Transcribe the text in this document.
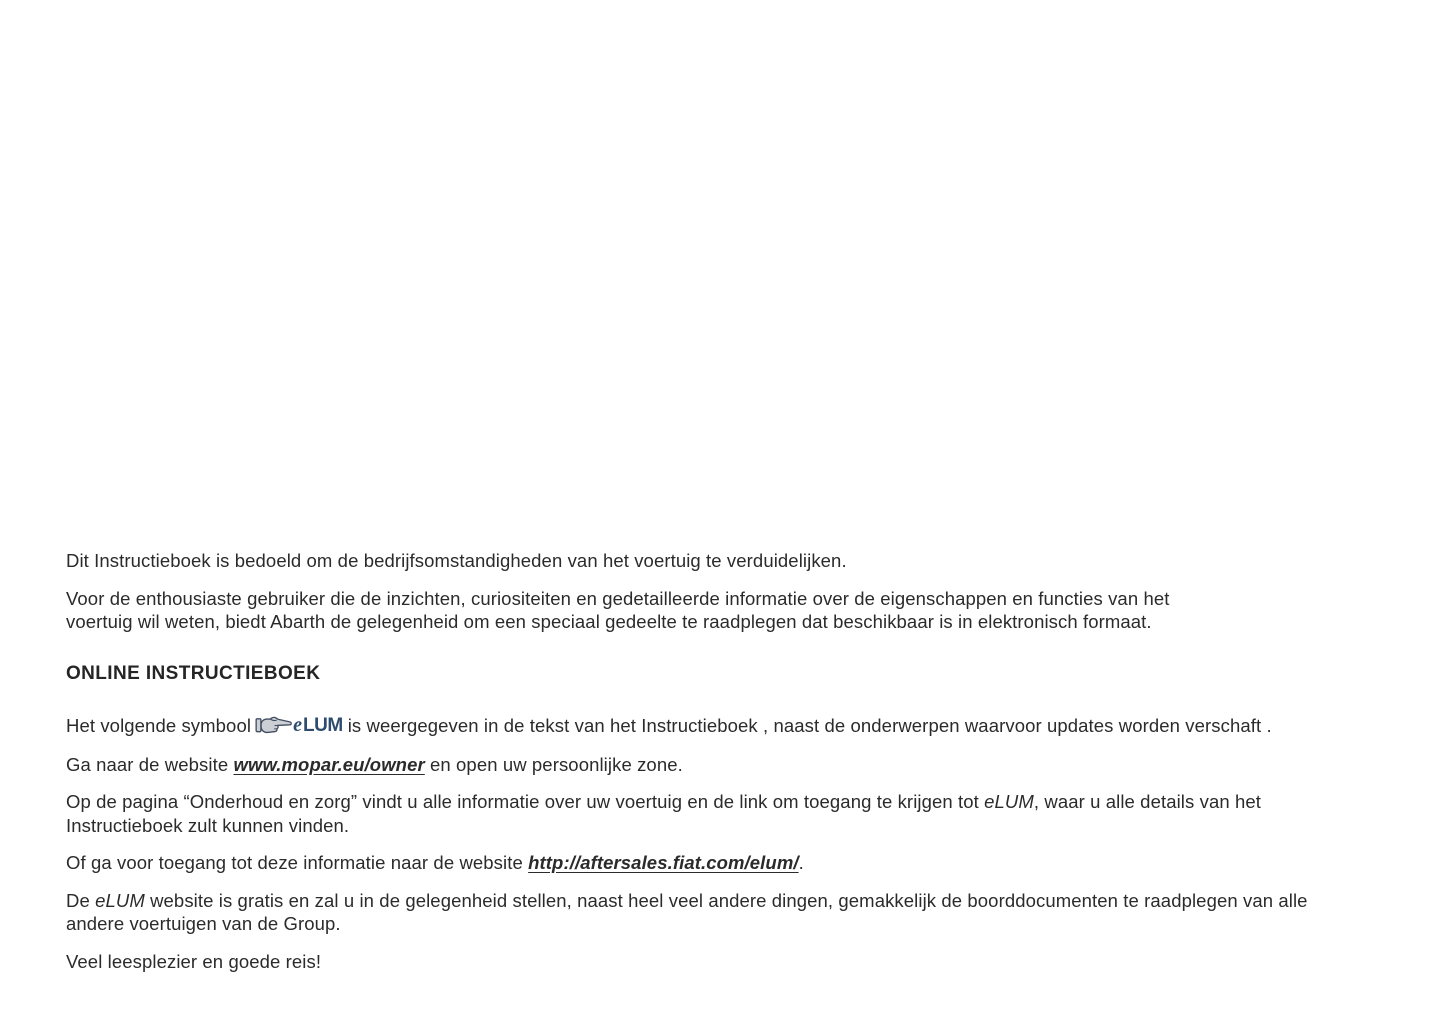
Dit Instructieboek is bedoeld om de bedrijfsomstandigheden van het voertuig te verduidelijken.

Voor de enthousiaste gebruiker die de inzichten, curiositeiten en gedetailleerde informatie over de eigenschappen en functies van het
voertuig wil weten, biedt Abarth de gelegenheid om een speciaal gedeelte te raadplegen dat beschikbaar is in elektronisch formaat.

ONLINE INSTRUCTIEBOEK

Het volgende symbool eLUM is weergegeven in de tekst van het Instructieboek , naast de onderwerpen waarvoor updates worden verschaft .

Ga naar de website www.mopar.eu/owner en open uw persoonlijke zone.

Op de pagina “Onderhoud en zorg” vindt u alle informatie over uw voertuig en de link om toegang te krijgen tot eLUM, waar u alle details van het
Instructieboek zult kunnen vinden.

Of ga voor toegang tot deze informatie naar de website http://aftersales.fiat.com/elum/.

De eLUM website is gratis en zal u in de gelegenheid stellen, naast heel veel andere dingen, gemakkelijk de boorddocumenten te raadplegen van alle
andere voertuigen van de Group.

Veel leesplezier en goede reis!
